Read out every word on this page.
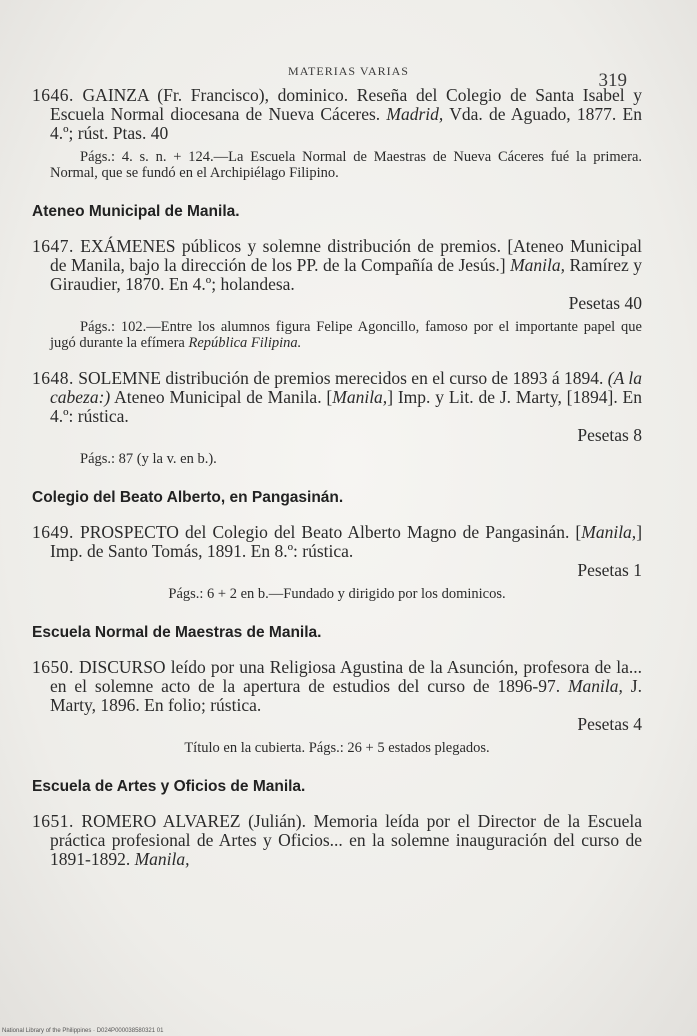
MATERIAS VARIAS	319

1646. GAINZA (Fr. Francisco), dominico. Reseña del Colegio de Santa Isabel y Escuela Normal diocesana de Nueva Cáceres. Madrid, Vda. de Aguado, 1877. En 4.º; rúst. Ptas. 40

Págs.: 4. s. n. + 124.—La Escuela Normal de Maestras de Nueva Cáceres fué la primera. Normal, que se fundó en el Archipiélago Filipino.

Ateneo Municipal de Manila.

1647. EXÁMENES públicos y solemne distribución de premios. [Ateneo Municipal de Manila, bajo la dirección de los PP. de la Compañía de Jesús.] Manila, Ramírez y Giraudier, 1870. En 4.º; holandesa.

Pesetas 40

Págs.: 102.—Entre los alumnos figura Felipe Agoncillo, famoso por el importante papel que jugó durante la efímera República Filipina.

1648. SOLEMNE distribución de premios merecidos en el curso de 1893 á 1894. (A la cabeza:) Ateneo Municipal de Manila. [Manila,] Imp. y Lit. de J. Marty, [1894]. En 4.º: rústica.

Pesetas 8

Págs.: 87 (y la v. en b.).

Colegio del Beato Alberto, en Pangasinán.

1649. PROSPECTO del Colegio del Beato Alberto Magno de Pangasinán. [Manila,] Imp. de Santo Tomás, 1891. En 8.º: rústica.

Pesetas 1

Págs.: 6 + 2 en b.—Fundado y dirigido por los dominicos.

Escuela Normal de Maestras de Manila.

1650. DISCURSO leído por una Religiosa Agustina de la Asunción, profesora de la... en el solemne acto de la apertura de estudios del curso de 1896-97. Manila, J. Marty, 1896. En folio; rústica.

Pesetas 4

Título en la cubierta. Págs.: 26 + 5 estados plegados.

Escuela de Artes y Oficios de Manila.

1651. ROMERO ALVAREZ (Julián). Memoria leída por el Director de la Escuela práctica profesional de Artes y Oficios... en la solemne inauguración del curso de 1891-1892. Manila,

National Library of the Philippines · D024P000038580321 01
